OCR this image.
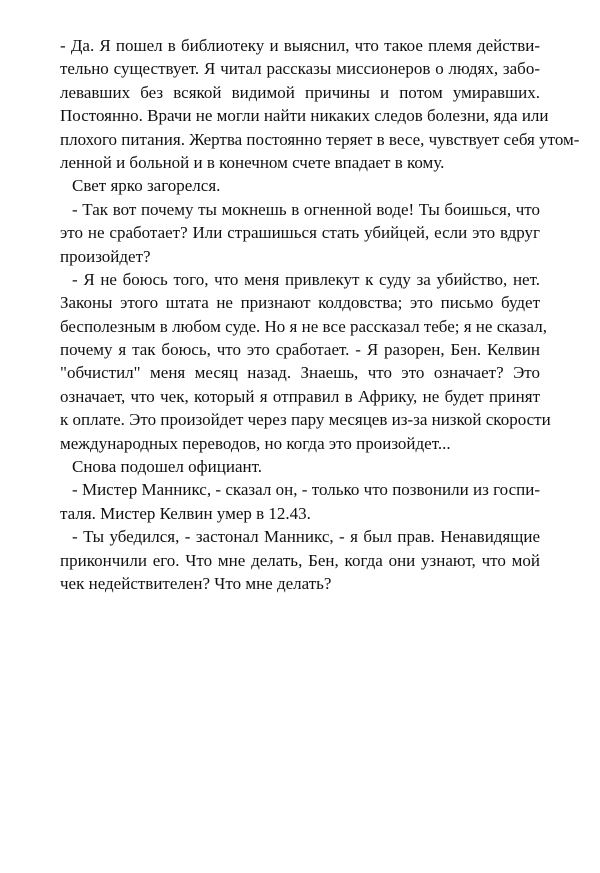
- Да. Я пошел в библиотеку и выяснил, что такое племя действи-
тельно существует. Я читал рассказы миссионеров о людях, забо-
левавших без всякой видимой причины и потом умиравших.
Постоянно. Врачи не могли найти никаких следов болезни, яда или
плохого питания. Жертва постоянно теряет в весе, чувствует себя утом-
ленной и больной и в конечном счете впадает в кому.
Свет ярко загорелся.
- Так вот почему ты мокнешь в огненной воде! Ты боишься, что
это не сработает? Или страшишься стать убийцей, если это вдруг
произойдет?
- Я не боюсь того, что меня привлекут к суду за убийство, нет.
Законы этого штата не признают колдовства; это письмо будет
бесполезным в любом суде. Но я не все рассказал тебе; я не сказал,
почему я так боюсь, что это сработает. - Я разорен, Бен. Келвин
"обчистил" меня месяц назад. Знаешь, что это означает? Это
означает, что чек, который я отправил в Африку, не будет принят
к оплате. Это произойдет через пару месяцев из-за низкой скорости
международных переводов, но когда это произойдет...
Снова подошел официант.
- Мистер Манникс, - сказал он, - только что позвонили из госпи-
таля. Мистер Келвин умер в 12.43.
- Ты убедился, - застонал Манникс, - я был прав. Ненавидящие
прикончили его. Что мне делать, Бен, когда они узнают, что мой
чек недействителен? Что мне делать?
